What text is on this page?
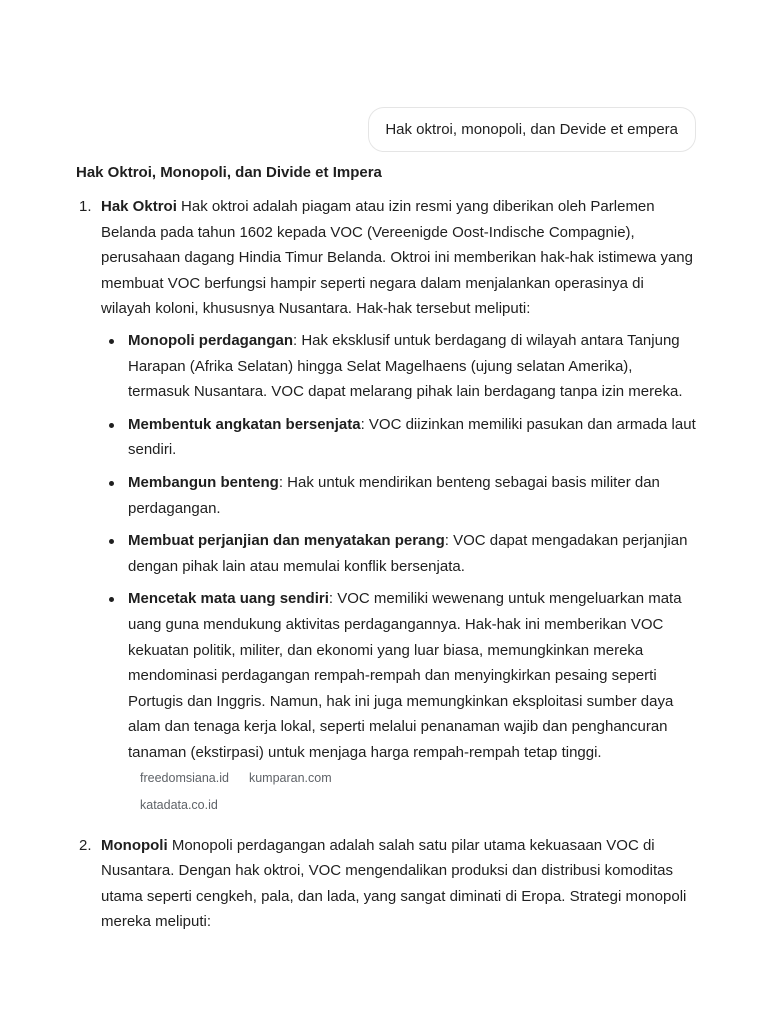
Hak oktroi, monopoli, dan Devide et empera
Hak Oktroi, Monopoli, dan Divide et Impera
1. Hak Oktroi Hak oktroi adalah piagam atau izin resmi yang diberikan oleh Parlemen Belanda pada tahun 1602 kepada VOC (Vereenigde Oost-Indische Compagnie), perusahaan dagang Hindia Timur Belanda. Oktroi ini memberikan hak-hak istimewa yang membuat VOC berfungsi hampir seperti negara dalam menjalankan operasinya di wilayah koloni, khususnya Nusantara. Hak-hak tersebut meliputi:
Monopoli perdagangan: Hak eksklusif untuk berdagang di wilayah antara Tanjung Harapan (Afrika Selatan) hingga Selat Magelhaens (ujung selatan Amerika), termasuk Nusantara. VOC dapat melarang pihak lain berdagang tanpa izin mereka.
Membentuk angkatan bersenjata: VOC diizinkan memiliki pasukan dan armada laut sendiri.
Membangun benteng: Hak untuk mendirikan benteng sebagai basis militer dan perdagangan.
Membuat perjanjian dan menyatakan perang: VOC dapat mengadakan perjanjian dengan pihak lain atau memulai konflik bersenjata.
Mencetak mata uang sendiri: VOC memiliki wewenang untuk mengeluarkan mata uang guna mendukung aktivitas perdagangannya. Hak-hak ini memberikan VOC kekuatan politik, militer, dan ekonomi yang luar biasa, memungkinkan mereka mendominasi perdagangan rempah-rempah dan menyingkirkan pesaing seperti Portugis dan Inggris. Namun, hak ini juga memungkinkan eksploitasi sumber daya alam dan tenaga kerja lokal, seperti melalui penanaman wajib dan penghancuran tanaman (ekstirpasi) untuk menjaga harga rempah-rempah tetap tinggi.freedomsiana.id kumparan.com
katadata.co.id
2. Monopoli Monopoli perdagangan adalah salah satu pilar utama kekuasaan VOC di Nusantara. Dengan hak oktroi, VOC mengendalikan produksi dan distribusi komoditas utama seperti cengkeh, pala, dan lada, yang sangat diminati di Eropa. Strategi monopoli mereka meliputi:
